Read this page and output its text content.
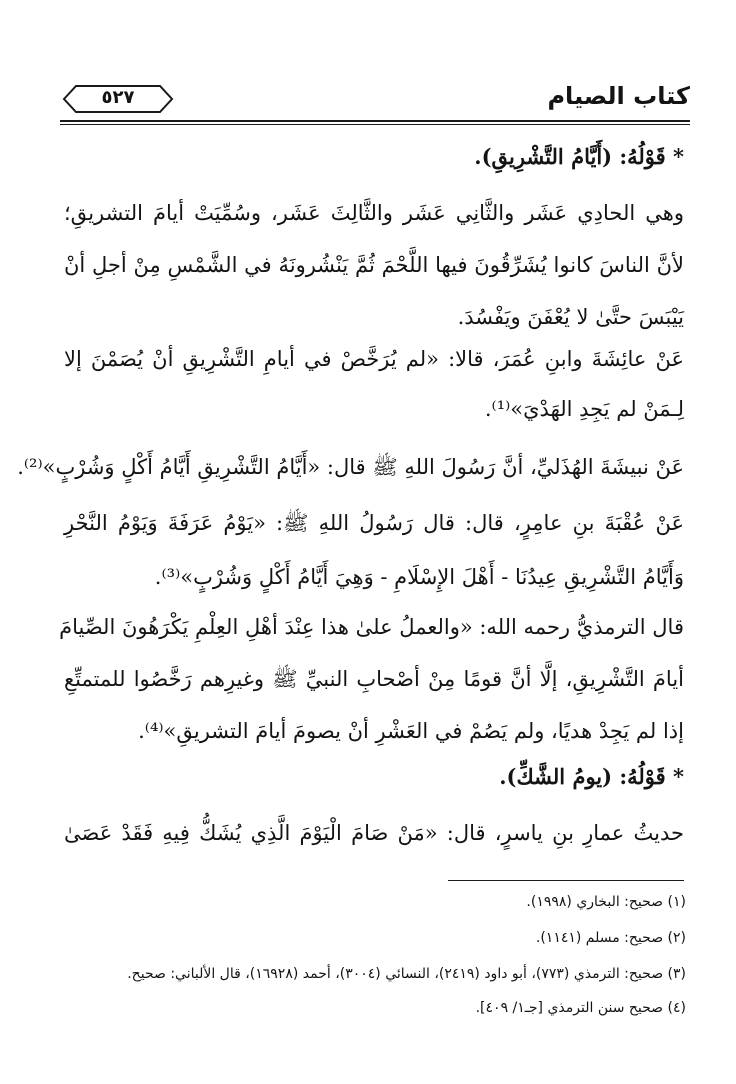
كتاب الصيام
٥٢٧
* قَوْلُهُ: (أَيَّامُ التَّشْرِيقِ).
وهي الحادِي عَشَر والثَّانِي عَشَر والثَّالِثَ عَشَر، وسُمِّيَتْ أيامَ التشريقِ؛
لأنَّ الناسَ كانوا يُشَرِّقُونَ فيها اللَّحْمَ ثُمَّ يَنْشُرونَهُ في الشَّمْسِ مِنْ أجلِ أنْ
يَيْبَسَ حتَّىٰ لا يُعْفَنَ ويَفْسُدَ.
عَنْ عائِشَةَ وابنِ عُمَرَ، قالا: «لم يُرَخَّصْ في أيامِ التَّشْرِيقِ أنْ يُصَمْنَ إلا
لِـمَنْ لم يَجِدِ الهَدْيَ»⁽¹⁾.
عَنْ نبيشَةَ الهُذَليِّ، أنَّ رَسُولَ اللهِ ﷺ قال: «أَيَّامُ التَّشْرِيقِ أَيَّامُ أَكْلٍ وَشُرْبٍ»⁽²⁾.
عَنْ عُقْبَةَ بنِ عامِرٍ، قال: قال رَسُولُ اللهِ ﷺ: «يَوْمُ عَرَفَةَ وَيَوْمُ النَّحْرِ
وَأَيَّامُ التَّشْرِيقِ عِيدُنَا - أَهْلَ الإِسْلَامِ - وَهِيَ أَيَّامُ أَكْلٍ وَشُرْبٍ»⁽³⁾.
قال الترمذيُّ رحمه الله: «والعملُ علىٰ هذا عِنْدَ أهْلِ العِلْمِ يَكْرَهُونَ الصِّيامَ
أيامَ التَّشْرِيقِ، إلَّا أنَّ قومًا مِنْ أصْحابِ النبيِّ ﷺ وغيرِهم رَخَّصُوا للمتمتِّعِ
إذا لم يَجِدْ هديًا، ولم يَصُمْ في العَشْرِ أنْ يصومَ أيامَ التشريقِ»⁽⁴⁾.
* قَوْلُهُ: (يومُ الشَّكِّ).
حديثُ عمارِ بنِ ياسرٍ، قال: «مَنْ صَامَ الْيَوْمَ الَّذِي يُشَكُّ فِيهِ فَقَدْ عَصَىٰ
(١) صحيح: البخاري (١٩٩٨).
(٢) صحيح: مسلم (١١٤١).
(٣) صحيح: الترمذي (٧٧٣)، أبو داود (٢٤١٩)، النسائي (٣٠٠٤)، أحمد (١٦٩٢٨)، قال الألباني: صحيح.
(٤) صحيح سنن الترمذي [جـ١/ ٤٠٩].
